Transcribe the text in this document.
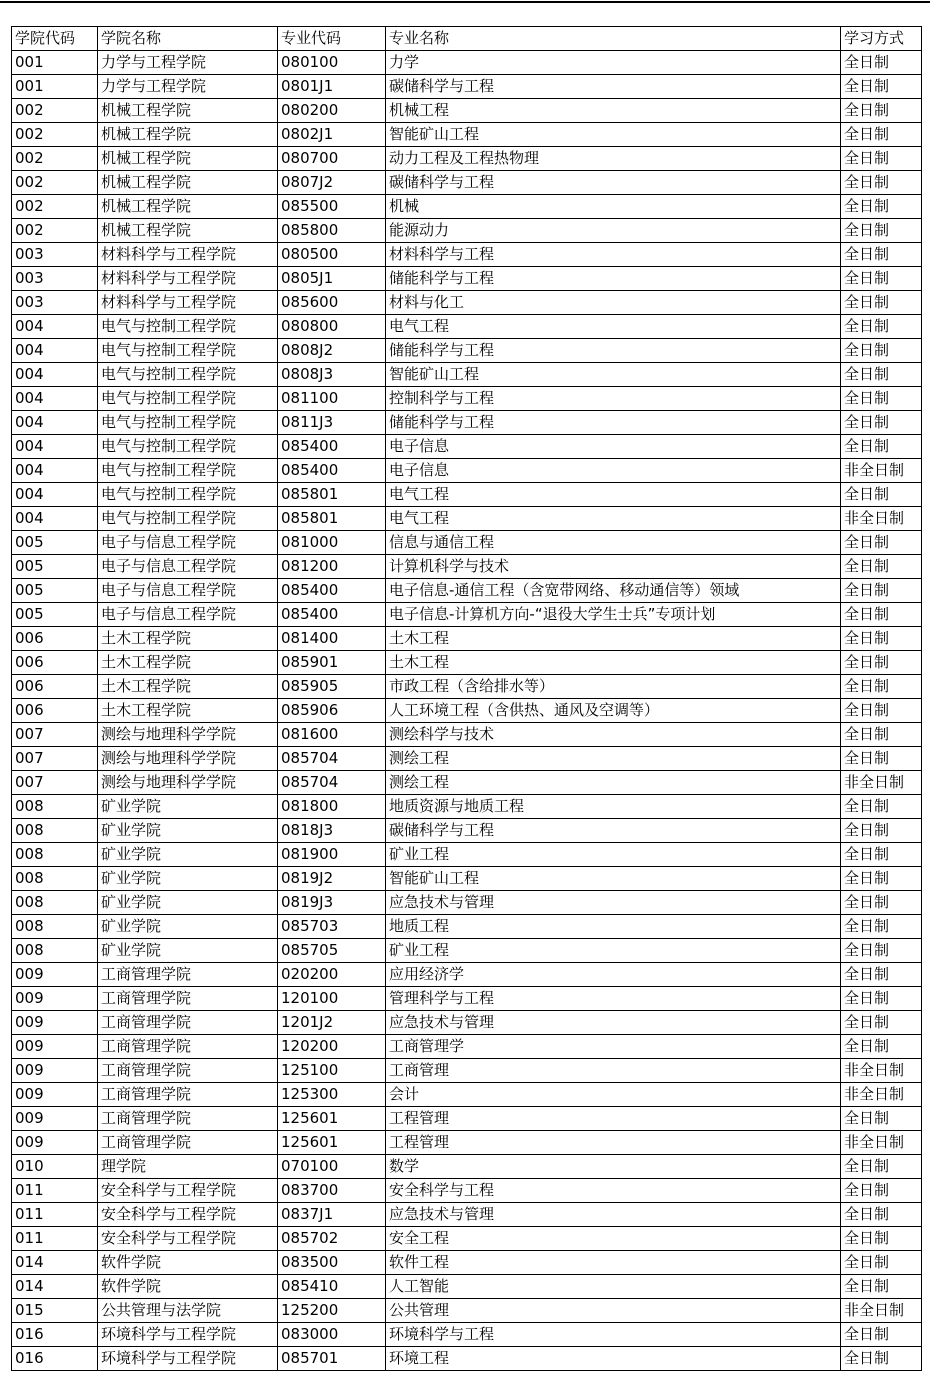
学院代码	学院名称	专业代码	专业名称	学习方式
001	力学与工程学院	080100	力学	全日制
001	力学与工程学院	0801J1	碳储科学与工程	全日制
002	机械工程学院	080200	机械工程	全日制
002	机械工程学院	0802J1	智能矿山工程	全日制
002	机械工程学院	080700	动力工程及工程热物理	全日制
002	机械工程学院	0807J2	碳储科学与工程	全日制
002	机械工程学院	085500	机械	全日制
002	机械工程学院	085800	能源动力	全日制
003	材料科学与工程学院	080500	材料科学与工程	全日制
003	材料科学与工程学院	0805J1	储能科学与工程	全日制
003	材料科学与工程学院	085600	材料与化工	全日制
004	电气与控制工程学院	080800	电气工程	全日制
004	电气与控制工程学院	0808J2	储能科学与工程	全日制
004	电气与控制工程学院	0808J3	智能矿山工程	全日制
004	电气与控制工程学院	081100	控制科学与工程	全日制
004	电气与控制工程学院	0811J3	储能科学与工程	全日制
004	电气与控制工程学院	085400	电子信息	全日制
004	电气与控制工程学院	085400	电子信息	非全日制
004	电气与控制工程学院	085801	电气工程	全日制
004	电气与控制工程学院	085801	电气工程	非全日制
005	电子与信息工程学院	081000	信息与通信工程	全日制
005	电子与信息工程学院	081200	计算机科学与技术	全日制
005	电子与信息工程学院	085400	电子信息-通信工程（含宽带网络、移动通信等）领域	全日制
005	电子与信息工程学院	085400	电子信息-计算机方向-“退役大学生士兵”专项计划	全日制
006	土木工程学院	081400	土木工程	全日制
006	土木工程学院	085901	土木工程	全日制
006	土木工程学院	085905	市政工程（含给排水等）	全日制
006	土木工程学院	085906	人工环境工程（含供热、通风及空调等）	全日制
007	测绘与地理科学学院	081600	测绘科学与技术	全日制
007	测绘与地理科学学院	085704	测绘工程	全日制
007	测绘与地理科学学院	085704	测绘工程	非全日制
008	矿业学院	081800	地质资源与地质工程	全日制
008	矿业学院	0818J3	碳储科学与工程	全日制
008	矿业学院	081900	矿业工程	全日制
008	矿业学院	0819J2	智能矿山工程	全日制
008	矿业学院	0819J3	应急技术与管理	全日制
008	矿业学院	085703	地质工程	全日制
008	矿业学院	085705	矿业工程	全日制
009	工商管理学院	020200	应用经济学	全日制
009	工商管理学院	120100	管理科学与工程	全日制
009	工商管理学院	1201J2	应急技术与管理	全日制
009	工商管理学院	120200	工商管理学	全日制
009	工商管理学院	125100	工商管理	非全日制
009	工商管理学院	125300	会计	非全日制
009	工商管理学院	125601	工程管理	全日制
009	工商管理学院	125601	工程管理	非全日制
010	理学院	070100	数学	全日制
011	安全科学与工程学院	083700	安全科学与工程	全日制
011	安全科学与工程学院	0837J1	应急技术与管理	全日制
011	安全科学与工程学院	085702	安全工程	全日制
014	软件学院	083500	软件工程	全日制
014	软件学院	085410	人工智能	全日制
015	公共管理与法学院	125200	公共管理	非全日制
016	环境科学与工程学院	083000	环境科学与工程	全日制
016	环境科学与工程学院	085701	环境工程	全日制
